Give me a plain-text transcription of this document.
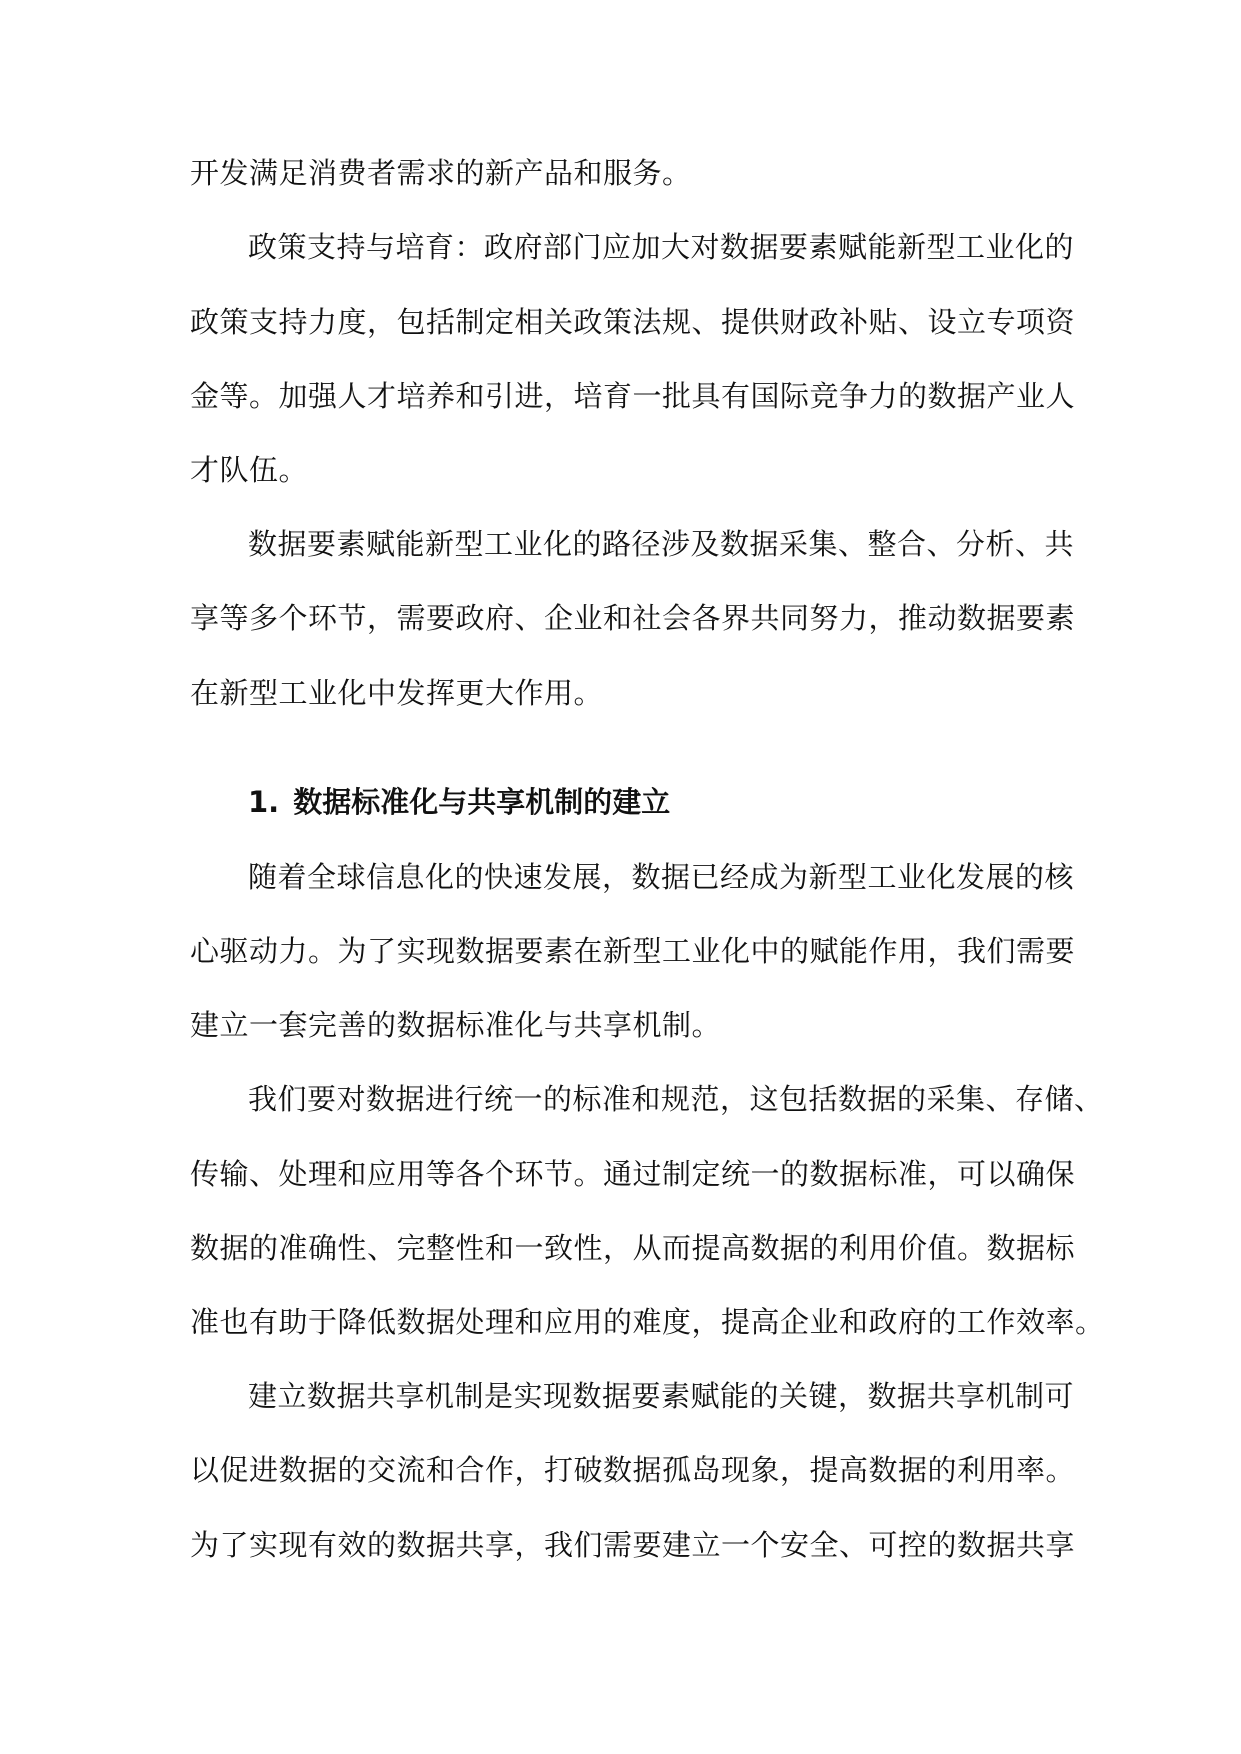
开发满足消费者需求的新产品和服务。
政策支持与培育：政府部门应加大对数据要素赋能新型工业化的
政策支持力度，包括制定相关政策法规、提供财政补贴、设立专项资
金等。加强人才培养和引进，培育一批具有国际竞争力的数据产业人
才队伍。
数据要素赋能新型工业化的路径涉及数据采集、整合、分析、共
享等多个环节，需要政府、企业和社会各界共同努力，推动数据要素
在新型工业化中发挥更大作用。
1. 数据标准化与共享机制的建立
随着全球信息化的快速发展，数据已经成为新型工业化发展的核
心驱动力。为了实现数据要素在新型工业化中的赋能作用，我们需要
建立一套完善的数据标准化与共享机制。
我们要对数据进行统一的标准和规范，这包括数据的采集、存储、
传输、处理和应用等各个环节。通过制定统一的数据标准，可以确保
数据的准确性、完整性和一致性，从而提高数据的利用价值。数据标
准也有助于降低数据处理和应用的难度，提高企业和政府的工作效率。
建立数据共享机制是实现数据要素赋能的关键，数据共享机制可
以促进数据的交流和合作，打破数据孤岛现象，提高数据的利用率。
为了实现有效的数据共享，我们需要建立一个安全、可控的数据共享
